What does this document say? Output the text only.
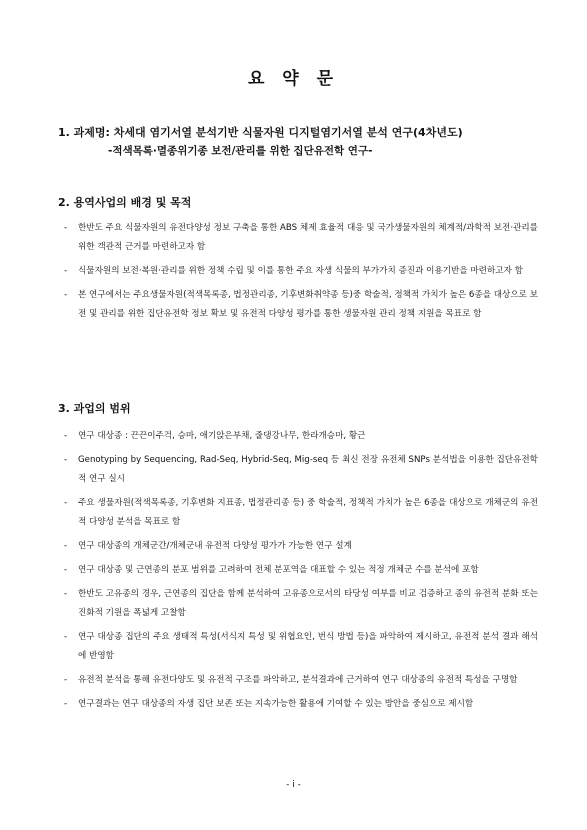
요 약 문
1. 과제명: 차세대 염기서열 분석기반 식물자원 디지털염기서열 분석 연구(4차년도)
-적색목록·멸종위기종 보전/관리를 위한 집단유전학 연구-
2. 용역사업의 배경 및 목적
- 한반도 주요 식물자원의 유전다양성 정보 구축을 통한 ABS 체제 효율적 대응 및 국가생물자원의 체계적/과학적 보전·관리를 위한 객관적 근거를 마련하고자 함
- 식물자원의 보전·복원·관리를 위한 정책 수립 및 이를 통한 주요 자생 식물의 부가가치 증진과 이용기반을 마련하고자 함
- 본 연구에서는 주요생물자원(적색목록종, 법정관리종, 기후변화취약종 등)중 학술적, 정책적 가치가 높은 6종을 대상으로 보전 및 관리를 위한 집단유전학 정보 확보 및 유전적 다양성 평가를 통한 생물자원 관리 정책 지원을 목표로 함
3. 과업의 범위
- 연구 대상종 : 끈끈이주걱, 승마, 애기앉은부채, 줄댕강나무, 한라개승마, 황근
- Genotyping by Sequencing, Rad-Seq, Hybrid-Seq, Mig-seq 등 최신 전장 유전체 SNPs 분석법을 이용한 집단유전학적 연구 실시
- 주요 생물자원(적색목록종, 기후변화 지표종, 법정관리종 등) 중 학술적, 정책적 가치가 높은 6종을 대상으로 개체군의 유전적 다양성 분석을 목표로 함
- 연구 대상종의 개체군간/개체군내 유전적 다양성 평가가 가능한 연구 설계
- 연구 대상종 및 근연종의 분포 범위를 고려하여 전체 분포역을 대표할 수 있는 적정 개체군 수를 분석에 포함
- 한반도 고유종의 경우, 근연종의 집단을 함께 분석하여 고유종으로서의 타당성 여부를 비교 검증하고 종의 유전적 분화 또는 진화적 기원을 폭넓게 고찰함
- 연구 대상종 집단의 주요 생태적 특성(서식지 특성 및 위협요인, 번식 방법 등)을 파악하여 제시하고, 유전적 분석 결과 해석에 반영함
- 유전적 분석을 통해 유전다양도 및 유전적 구조를 파악하고, 분석결과에 근거하여 연구 대상종의 유전적 특성을 구명함
- 연구결과는 연구 대상종의 자생 집단 보존 또는 지속가능한 활용에 기여할 수 있는 방안을 중심으로 제시함
- i -
